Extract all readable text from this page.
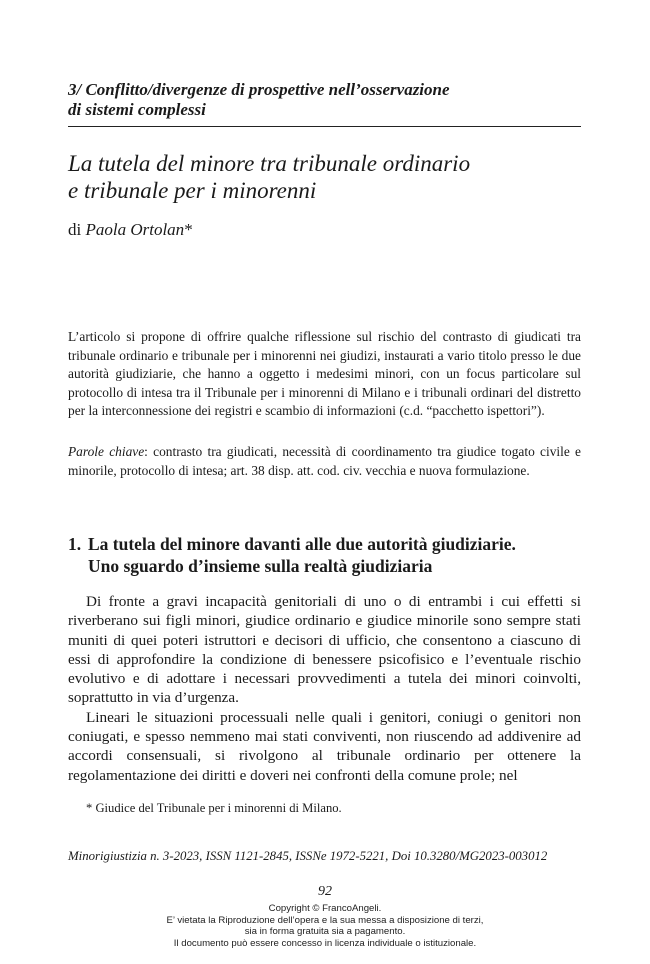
3/ Conflitto/divergenze di prospettive nell’osservazione
di sistemi complessi
La tutela del minore tra tribunale ordinario
e tribunale per i minorenni
di Paola Ortolan*
L’articolo si propone di offrire qualche riflessione sul rischio del contrasto di giudicati tra tribunale ordinario e tribunale per i minorenni nei giudizi, instaurati a vario titolo presso le due autorità giudiziarie, che hanno a oggetto i medesimi minori, con un focus particolare sul protocollo di intesa tra il Tribunale per i minorenni di Milano e i tribunali ordinari del distretto per la interconnessione dei registri e scambio di informazioni (c.d. “pacchetto ispettori”).
Parole chiave: contrasto tra giudicati, necessità di coordinamento tra giudice togato civile e minorile, protocollo di intesa; art. 38 disp. att. cod. civ. vecchia e nuova formulazione.
1. La tutela del minore davanti alle due autorità giudiziarie.
Uno sguardo d’insieme sulla realtà giudiziaria

Di fronte a gravi incapacità genitoriali di uno o di entrambi i cui effetti si riverberano sui figli minori, giudice ordinario e giudice minorile sono sempre stati muniti di quei poteri istruttori e decisori di ufficio, che consentono a ciascuno di essi di approfondire la condizione di benessere psicofisico e l’eventuale rischio evolutivo e di adottare i necessari provvedimenti a tutela dei minori coinvolti, soprattutto in via d’urgenza.

Lineari le situazioni processuali nelle quali i genitori, coniugi o genitori non coniugati, e spesso nemmeno mai stati conviventi, non riuscendo ad addivenire ad accordi consensuali, si rivolgono al tribunale ordinario per ottenere la regolamentazione dei diritti e doveri nei confronti della comune prole; nel

* Giudice del Tribunale per i minorenni di Milano.
Minorigiustizia n. 3-2023, ISSN 1121-2845, ISSNe 1972-5221, Doi 10.3280/MG2023-003012
92
Copyright © FrancoAngeli.
E’ vietata la Riproduzione dell’opera e la sua messa a disposizione di terzi,
sia in forma gratuita sia a pagamento.
Il documento può essere concesso in licenza individuale o istituzionale.
